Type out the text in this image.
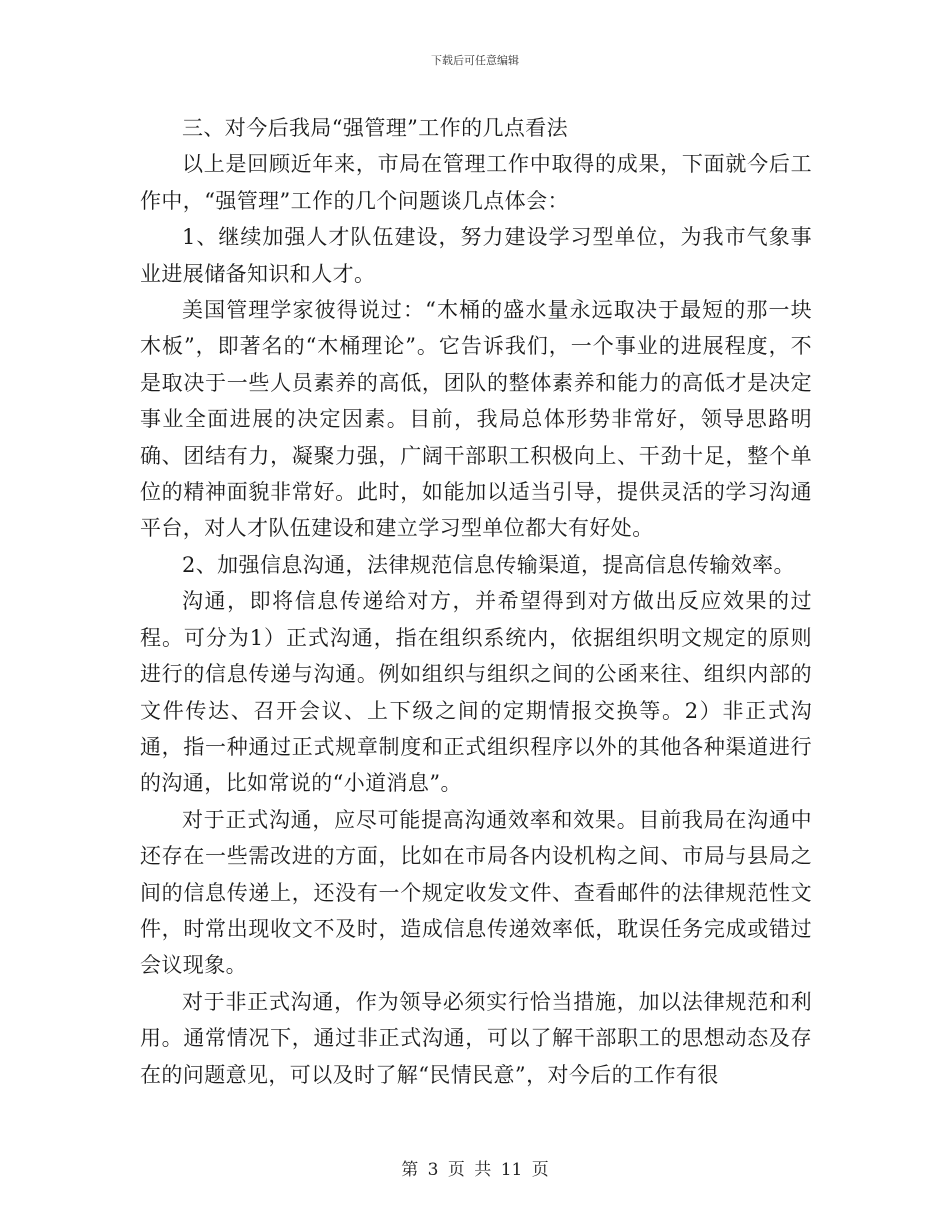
下载后可任意编辑

三、对今后我局“强管理”工作的几点看法

以上是回顾近年来，市局在管理工作中取得的成果，下面就今后工作中，“强管理”工作的几个问题谈几点体会：

1、继续加强人才队伍建设，努力建设学习型单位，为我市气象事业进展储备知识和人才。

美国管理学家彼得说过：“木桶的盛水量永远取决于最短的那一块木板”，即著名的“木桶理论”。它告诉我们，一个事业的进展程度，不是取决于一些人员素养的高低，团队的整体素养和能力的高低才是决定事业全面进展的决定因素。目前，我局总体形势非常好，领导思路明确、团结有力，凝聚力强，广阔干部职工积极向上、干劲十足，整个单位的精神面貌非常好。此时，如能加以适当引导，提供灵活的学习沟通平台，对人才队伍建设和建立学习型单位都大有好处。

2、加强信息沟通，法律规范信息传输渠道，提高信息传输效率。

沟通，即将信息传递给对方，并希望得到对方做出反应效果的过程。可分为1）正式沟通，指在组织系统内，依据组织明文规定的原则进行的信息传递与沟通。例如组织与组织之间的公函来往、组织内部的文件传达、召开会议、上下级之间的定期情报交换等。2）非正式沟通，指一种通过正式规章制度和正式组织程序以外的其他各种渠道进行的沟通，比如常说的“小道消息”。

对于正式沟通，应尽可能提高沟通效率和效果。目前我局在沟通中还存在一些需改进的方面，比如在市局各内设机构之间、市局与县局之间的信息传递上，还没有一个规定收发文件、查看邮件的法律规范性文件，时常出现收文不及时，造成信息传递效率低，耽误任务完成或错过会议现象。

对于非正式沟通，作为领导必须实行恰当措施，加以法律规范和利用。通常情况下，通过非正式沟通，可以了解干部职工的思想动态及存在的问题意见，可以及时了解“民情民意”，对今后的工作有很

第 3 页 共 11 页
